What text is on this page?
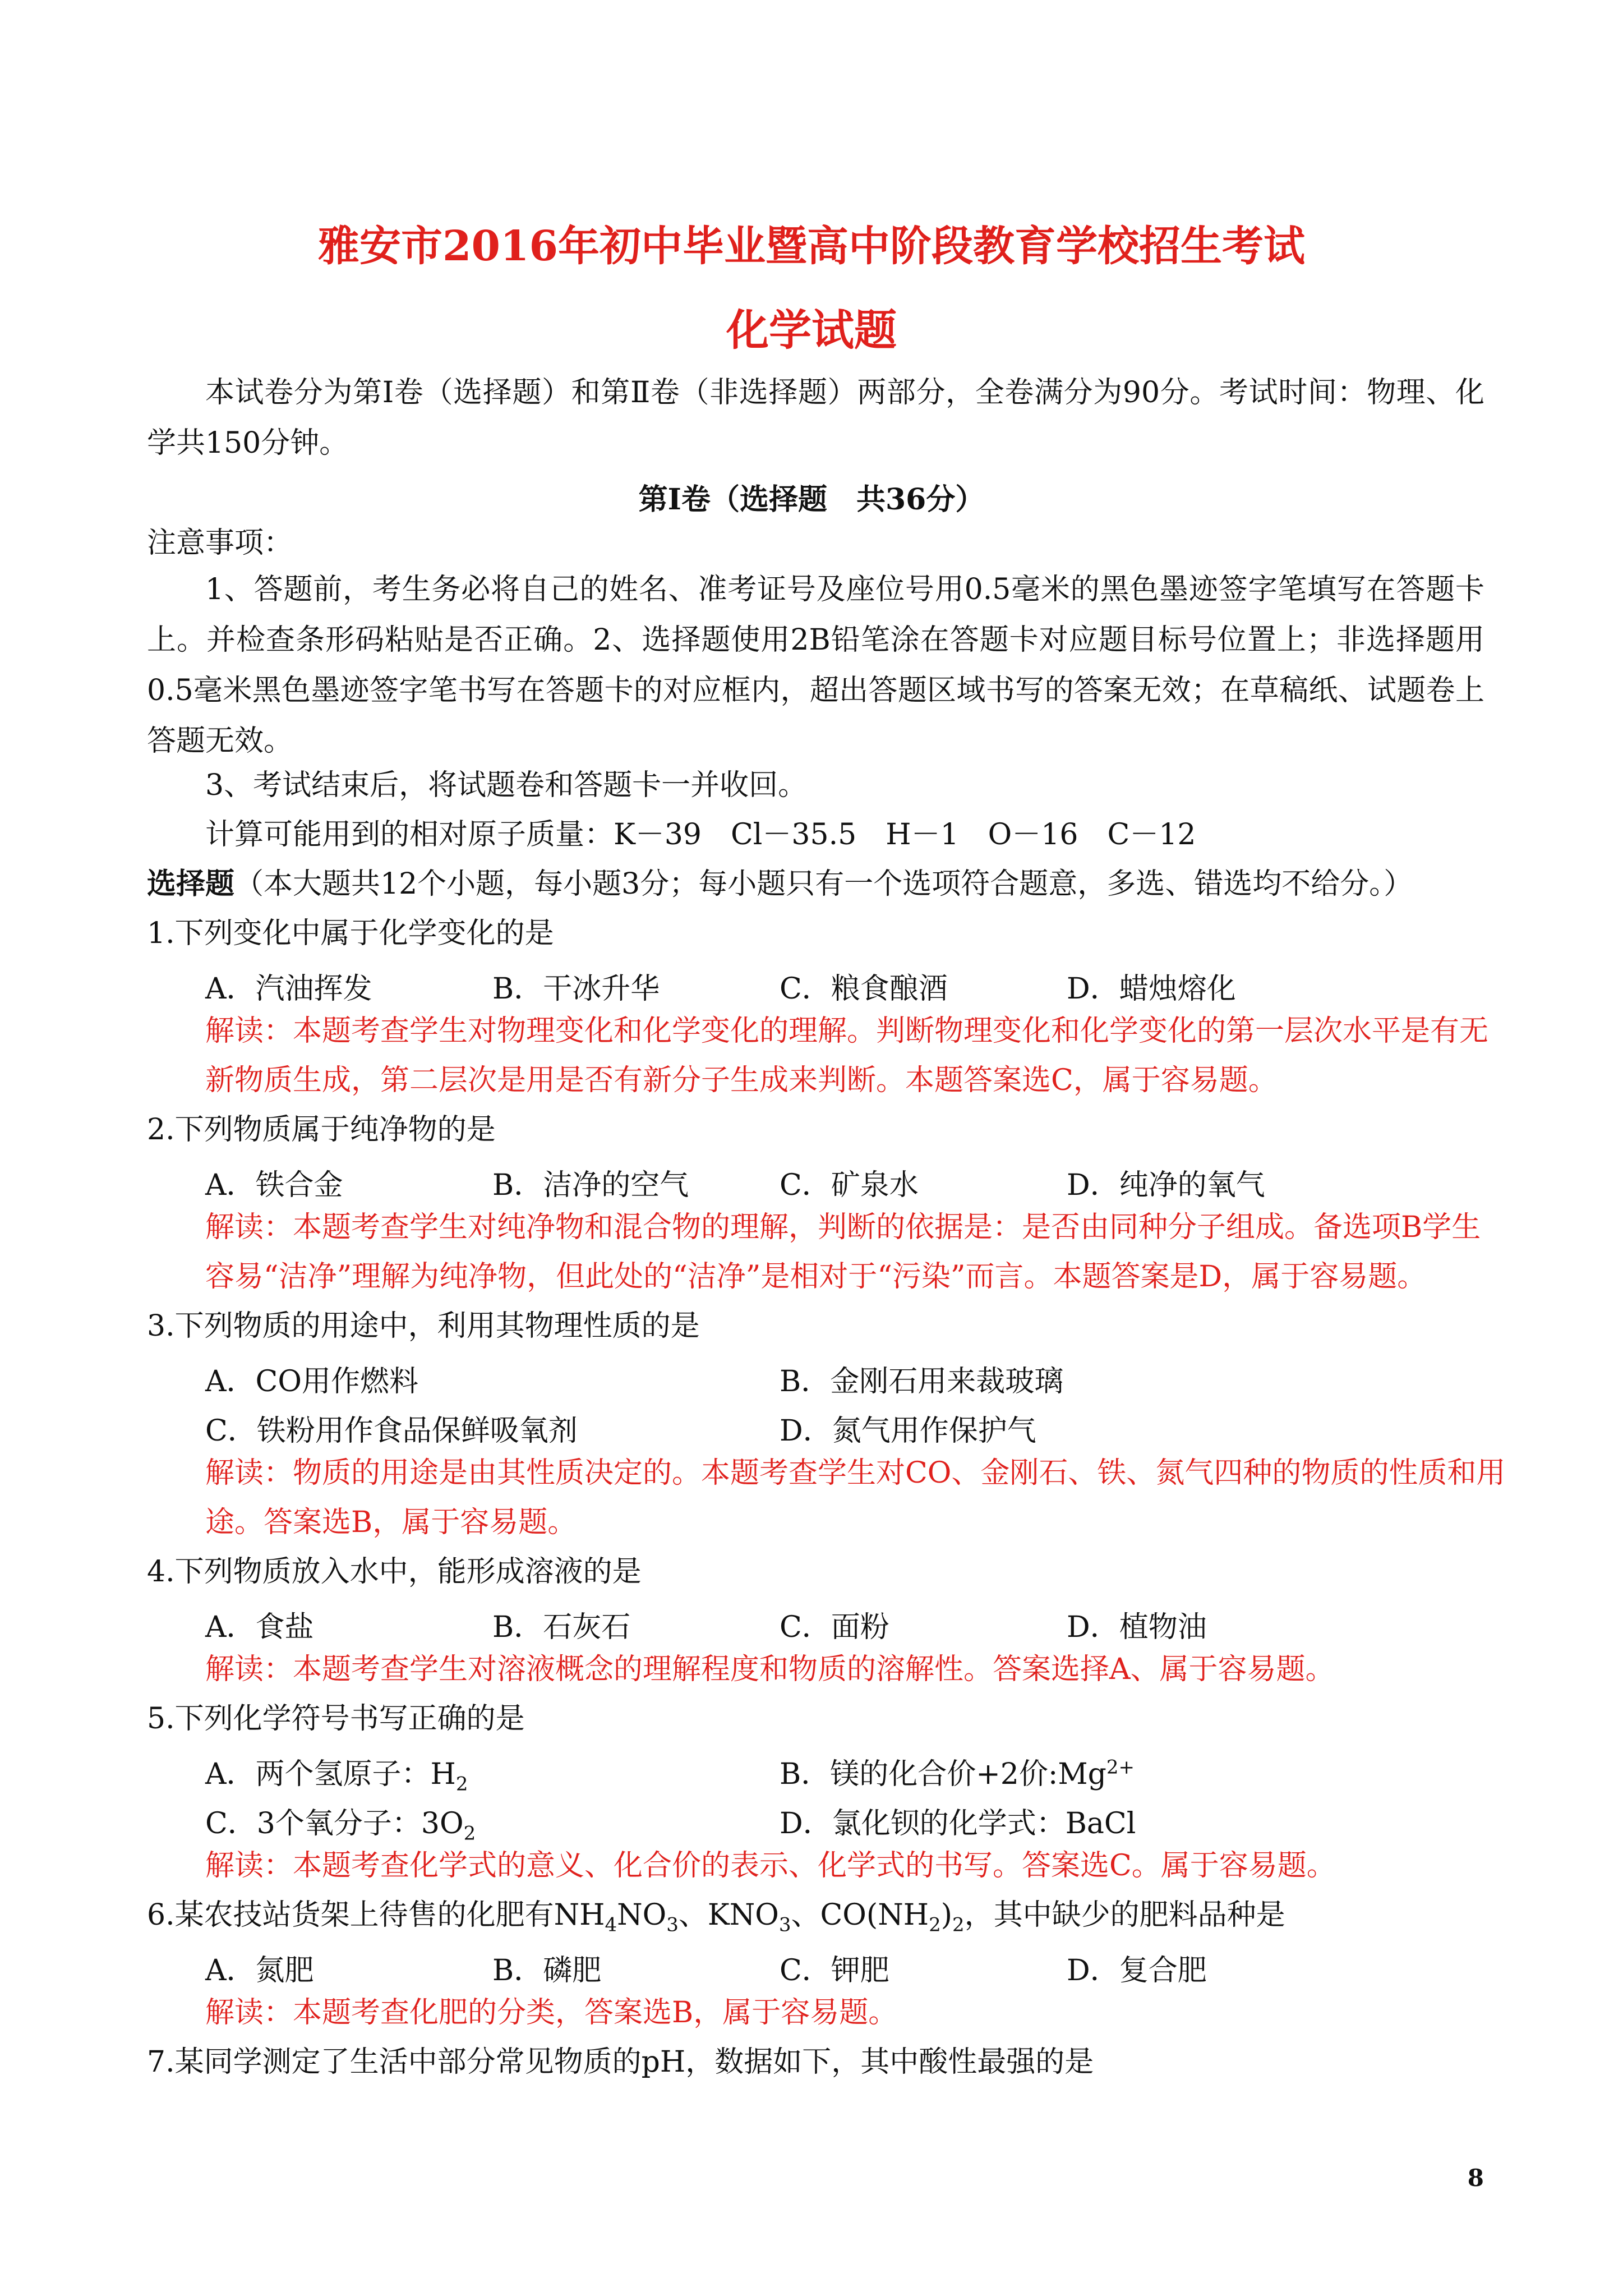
雅安市2016年初中毕业暨高中阶段教育学校招生考试
化学试题

本试卷分为第Ⅰ卷（选择题）和第Ⅱ卷（非选择题）两部分，全卷满分为90分。考试时间：物理、化学共150分钟。

第Ⅰ卷（选择题　共36分）
注意事项：

1、答题前，考生务必将自己的姓名、准考证号及座位号用0.5毫米的黑色墨迹签字笔填写在答题卡上。并检查条形码粘贴是否正确。2、选择题使用2B铅笔涂在答题卡对应题目标号位置上；非选择题用0.5毫米黑色墨迹签字笔书写在答题卡的对应框内，超出答题区域书写的答案无效；在草稿纸、试题卷上答题无效。

3、考试结束后，将试题卷和答题卡一并收回。
计算可能用到的相对原子质量：K－39　Cl－35.5　H－1　O－16　C－12
选择题（本大题共12个小题，每小题3分；每小题只有一个选项符合题意，多选、错选均不给分。）
1.下列变化中属于化学变化的是
A．汽油挥发	B．干冰升华	C．粮食酿酒	D．蜡烛熔化
解读：本题考查学生对物理变化和化学变化的理解。判断物理变化和化学变化的第一层次水平是有无
新物质生成，第二层次是用是否有新分子生成来判断。本题答案选C，属于容易题。
2.下列物质属于纯净物的是
A．铁合金	B．洁净的空气	C．矿泉水	D．纯净的氧气
解读：本题考查学生对纯净物和混合物的理解，判断的依据是：是否由同种分子组成。备选项B学生
容易“洁净”理解为纯净物，但此处的“洁净”是相对于“污染”而言。本题答案是D，属于容易题。
3.下列物质的用途中，利用其物理性质的是
A．CO用作燃料	B．金刚石用来裁玻璃
C．铁粉用作食品保鲜吸氧剂	D．氮气用作保护气
解读：物质的用途是由其性质决定的。本题考查学生对CO、金刚石、铁、氮气四种的物质的性质和用
途。答案选B，属于容易题。
4.下列物质放入水中，能形成溶液的是
A．食盐	B．石灰石	C．面粉	D．植物油
解读：本题考查学生对溶液概念的理解程度和物质的溶解性。答案选择A、属于容易题。
5.下列化学符号书写正确的是
A．两个氢原子：$H_2$	B．镁的化合价+2价$:Mg^{2+}$
C．3个氧分子：$3O_2$	D．氯化钡的化学式：BaCl
解读：本题考查化学式的意义、化合价的表示、化学式的书写。答案选C。属于容易题。
6.某农技站货架上待售的化肥有$NH_4NO_3$、$KNO_3$、$CO(NH_2)_2$，其中缺少的肥料品种是
A．氮肥	B．磷肥	C．钾肥	D．复合肥
解读：本题考查化肥的分类，答案选B，属于容易题。
7.某同学测定了生活中部分常见物质的pH，数据如下，其中酸性最强的是
8
